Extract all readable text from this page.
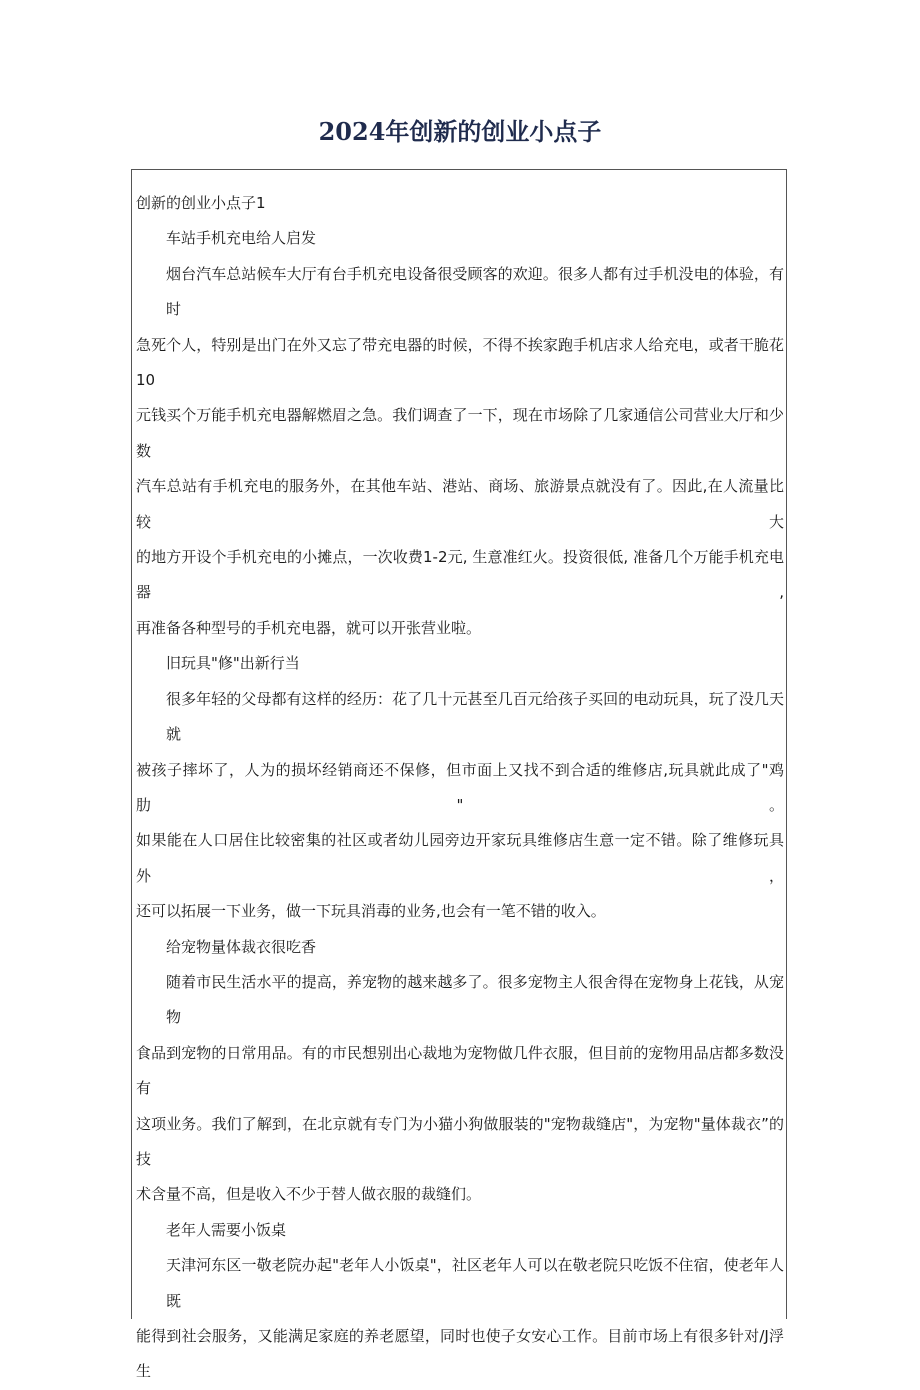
2024年创新的创业小点子

创新的创业小点子1

车站手机充电给人启发

烟台汽车总站候车大厅有台手机充电设备很受顾客的欢迎。很多人都有过手机没电的体验，有时

急死个人，特别是出门在外又忘了带充电器的时候，不得不挨家跑手机店求人给充电，或者干脆花10

元钱买个万能手机充电器解燃眉之急。我们调查了一下，现在市场除了几家通信公司营业大厅和少数

汽车总站有手机充电的服务外，在其他车站、港站、商场、旅游景点就没有了。因此,在人流量比较大

的地方开设个手机充电的小摊点，一次收费1-2元, 生意准红火。投资很低, 准备几个万能手机充电器,

再准备各种型号的手机充电器，就可以开张营业啦。

旧玩具"修"出新行当

很多年轻的父母都有这样的经历：花了几十元甚至几百元给孩子买回的电动玩具，玩了没几天就

被孩子摔坏了，人为的损坏经销商还不保修，但市面上又找不到合适的维修店,玩具就此成了"鸡肋"。

如果能在人口居住比较密集的社区或者幼儿园旁边开家玩具维修店生意一定不错。除了维修玩具外，

还可以拓展一下业务，做一下玩具消毒的业务,也会有一笔不错的收入。

给宠物量体裁衣很吃香

随着市民生活水平的提高，养宠物的越来越多了。很多宠物主人很舍得在宠物身上花钱，从宠物

食品到宠物的日常用品。有的市民想别出心裁地为宠物做几件衣服，但目前的宠物用品店都多数没有

这项业务。我们了解到，在北京就有专门为小猫小狗做服装的"宠物裁缝店"，为宠物"量体裁衣”的技

术含量不高，但是收入不少于替人做衣服的裁缝们。

老年人需要小饭桌

天津河东区一敬老院办起"老年人小饭桌"，社区老年人可以在敬老院只吃饭不住宿，使老年人既

能得到社会服务，又能满足家庭的养老愿望，同时也使子女安心工作。目前市场上有很多针对/J浮生
